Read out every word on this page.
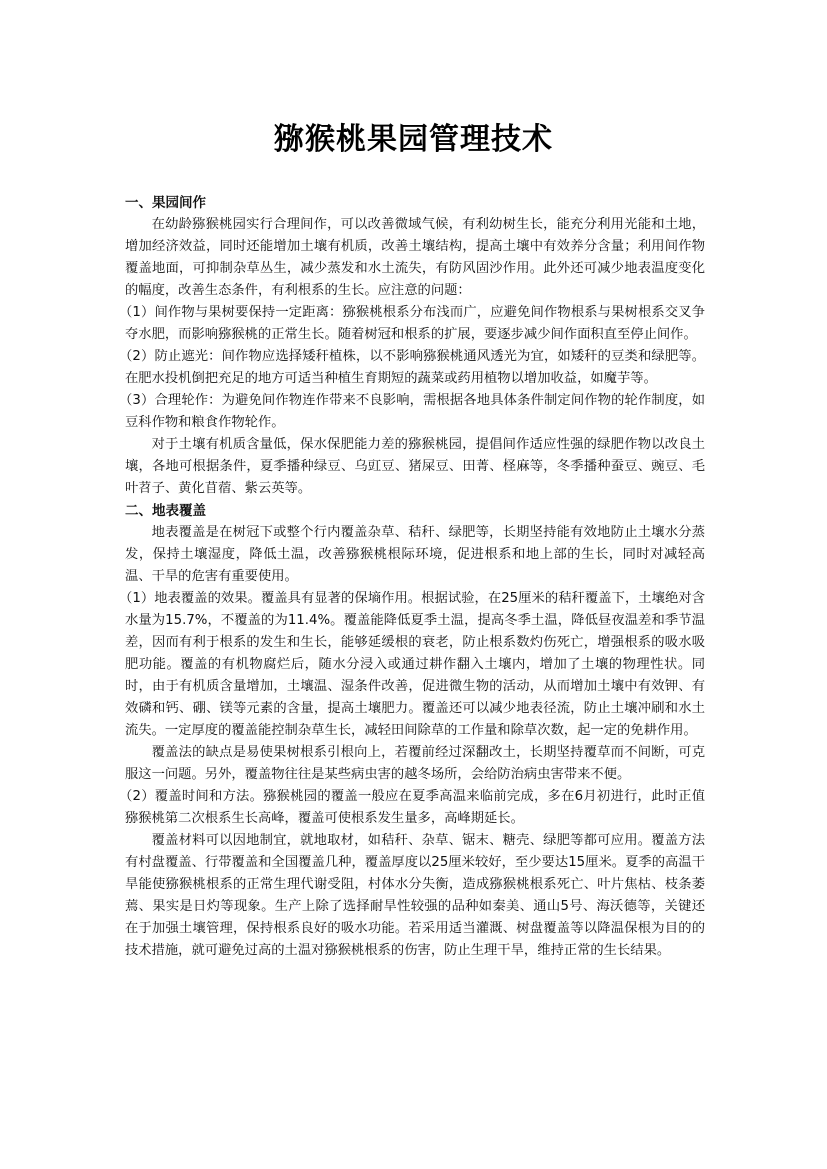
猕猴桃果园管理技术

一、果园间作

在幼龄猕猴桃园实行合理间作，可以改善微域气候，有利幼树生长，能充分利用光能和土地，增加经济效益，同时还能增加土壤有机质，改善土壤结构，提高土壤中有效养分含量；利用间作物覆盖地面，可抑制杂草丛生，减少蒸发和水土流失，有防风固沙作用。此外还可减少地表温度变化的幅度，改善生态条件，有利根系的生长。应注意的问题：

（1）间作物与果树要保持一定距离：猕猴桃根系分布浅而广，应避免间作物根系与果树根系交叉争夺水肥，而影响猕猴桃的正常生长。随着树冠和根系的扩展，要逐步减少间作面积直至停止间作。

（2）防止遮光：间作物应选择矮秆植株，以不影响猕猴桃通风透光为宜，如矮秆的豆类和绿肥等。在肥水投机倒把充足的地方可适当种植生育期短的蔬菜或药用植物以增加收益，如魔芋等。

（3）合理轮作：为避免间作物连作带来不良影响，需根据各地具体条件制定间作物的轮作制度，如豆科作物和粮食作物轮作。

对于土壤有机质含量低，保水保肥能力差的猕猴桃园，提倡间作适应性强的绿肥作物以改良土壤，各地可根据条件，夏季播种绿豆、乌豇豆、猪屎豆、田菁、柽麻等，冬季播种蚕豆、豌豆、毛叶苕子、黄化苜蓿、紫云英等。

二、地表覆盖

地表覆盖是在树冠下或整个行内覆盖杂草、秸秆、绿肥等，长期坚持能有效地防止土壤水分蒸发，保持土壤湿度，降低土温，改善猕猴桃根际环境，促进根系和地上部的生长，同时对减轻高温、干旱的危害有重要使用。

（1）地表覆盖的效果。覆盖具有显著的保墒作用。根据试验，在25厘米的秸秆覆盖下，土壤绝对含水量为15.7%，不覆盖的为11.4%。覆盖能降低夏季土温，提高冬季土温，降低昼夜温差和季节温差，因而有利于根系的发生和生长，能够延缓根的衰老，防止根系数灼伤死亡，增强根系的吸水吸肥功能。覆盖的有机物腐烂后，随水分浸入或通过耕作翻入土壤内，增加了土壤的物理性状。同时，由于有机质含量增加，土壤温、湿条件改善，促进微生物的活动，从而增加土壤中有效钾、有效磷和钙、硼、镁等元素的含量，提高土壤肥力。覆盖还可以减少地表径流，防止土壤冲刷和水土流失。一定厚度的覆盖能控制杂草生长，减轻田间除草的工作量和除草次数，起一定的免耕作用。

覆盖法的缺点是易使果树根系引根向上，若覆前经过深翻改土，长期坚持覆草而不间断，可克服这一问题。另外，覆盖物往往是某些病虫害的越冬场所，会给防治病虫害带来不便。

（2）覆盖时间和方法。猕猴桃园的覆盖一般应在夏季高温来临前完成，多在6月初进行，此时正值猕猴桃第二次根系生长高峰，覆盖可使根系发生量多，高峰期延长。

覆盖材料可以因地制宜，就地取材，如秸秆、杂草、锯末、糖壳、绿肥等都可应用。覆盖方法有村盘覆盖、行带覆盖和全国覆盖几种，覆盖厚度以25厘米较好，至少要达15厘米。夏季的高温干旱能使猕猴桃根系的正常生理代谢受阻，村体水分失衡，造成猕猴桃根系死亡、叶片焦枯、枝条萎蔫、果实是日灼等现象。生产上除了选择耐旱性较强的品种如秦美、通山5号、海沃德等，关键还在于加强土壤管理，保持根系良好的吸水功能。若采用适当灌溉、树盘覆盖等以降温保根为目的的技术措施，就可避免过高的土温对猕猴桃根系的伤害，防止生理干旱，维持正常的生长结果。
